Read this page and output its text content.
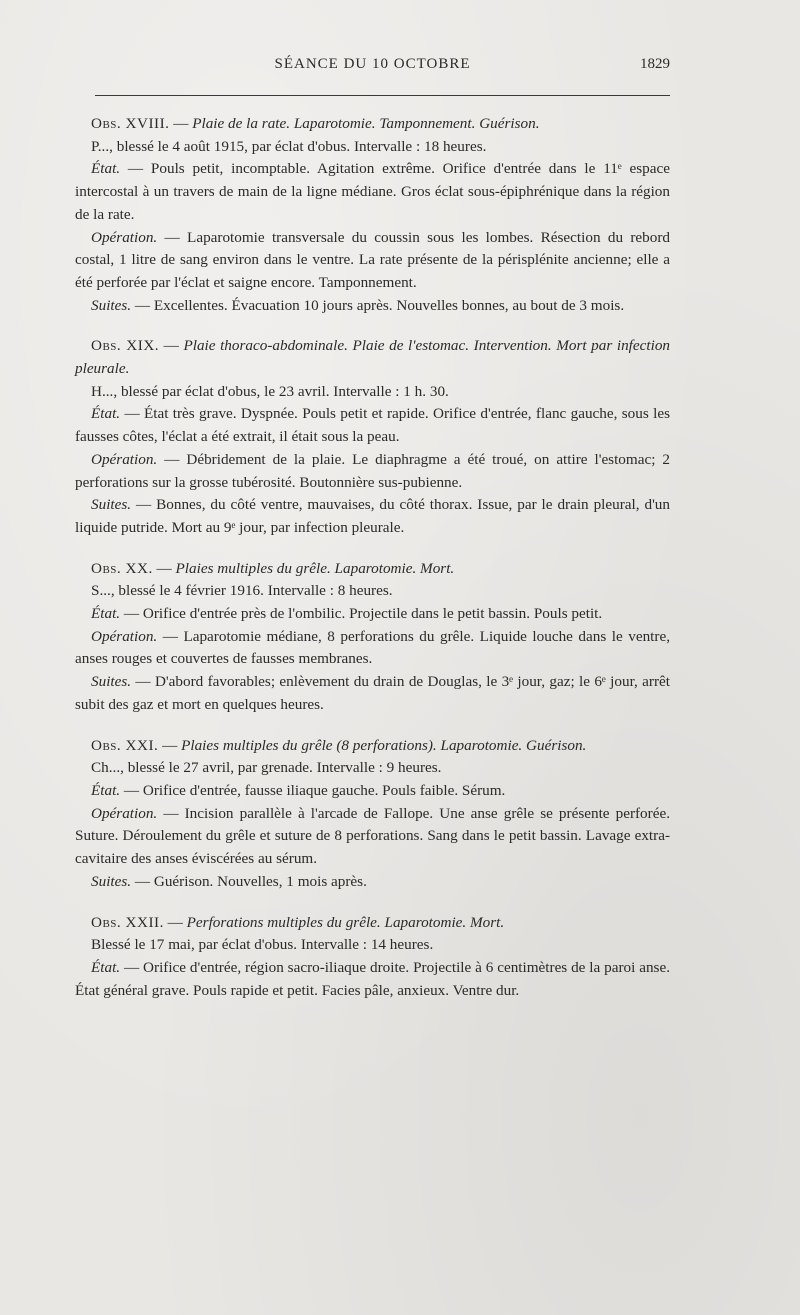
SÉANCE DU 10 OCTOBRE	1829

Obs. XVIII. — Plaie de la rate. Laparotomie. Tamponnement. Guérison.

P..., blessé le 4 août 1915, par éclat d'obus. Intervalle : 18 heures.

État. — Pouls petit, incomptable. Agitation extrême. Orifice d'entrée dans le 11ᵉ espace intercostal à un travers de main de la ligne médiane. Gros éclat sous-épiphrénique dans la région de la rate.

Opération. — Laparotomie transversale du coussin sous les lombes. Résection du rebord costal, 1 litre de sang environ dans le ventre. La rate présente de la périsplénite ancienne; elle a été perforée par l'éclat et saigne encore. Tamponnement.

Suites. — Excellentes. Évacuation 10 jours après. Nouvelles bonnes, au bout de 3 mois.

Obs. XIX. — Plaie thoraco-abdominale. Plaie de l'estomac. Intervention. Mort par infection pleurale.

H..., blessé par éclat d'obus, le 23 avril. Intervalle : 1 h. 30.

État. — État très grave. Dyspnée. Pouls petit et rapide. Orifice d'entrée, flanc gauche, sous les fausses côtes, l'éclat a été extrait, il était sous la peau.

Opération. — Débridement de la plaie. Le diaphragme a été troué, on attire l'estomac; 2 perforations sur la grosse tubérosité. Boutonnière sus-pubienne.

Suites. — Bonnes, du côté ventre, mauvaises, du côté thorax. Issue, par le drain pleural, d'un liquide putride. Mort au 9ᵉ jour, par infection pleurale.

Obs. XX. — Plaies multiples du grêle. Laparotomie. Mort.

S..., blessé le 4 février 1916. Intervalle : 8 heures.

État. — Orifice d'entrée près de l'ombilic. Projectile dans le petit bassin. Pouls petit.

Opération. — Laparotomie médiane, 8 perforations du grêle. Liquide louche dans le ventre, anses rouges et couvertes de fausses membranes.

Suites. — D'abord favorables; enlèvement du drain de Douglas, le 3ᵉ jour, gaz; le 6ᵉ jour, arrêt subit des gaz et mort en quelques heures.

Obs. XXI. — Plaies multiples du grêle (8 perforations). Laparotomie. Guérison.

Ch..., blessé le 27 avril, par grenade. Intervalle : 9 heures.

État. — Orifice d'entrée, fausse iliaque gauche. Pouls faible. Sérum.

Opération. — Incision parallèle à l'arcade de Fallope. Une anse grêle se présente perforée. Suture. Déroulement du grêle et suture de 8 perforations. Sang dans le petit bassin. Lavage extra-cavitaire des anses éviscérées au sérum.

Suites. — Guérison. Nouvelles, 1 mois après.

Obs. XXII. — Perforations multiples du grêle. Laparotomie. Mort.

Blessé le 17 mai, par éclat d'obus. Intervalle : 14 heures.

État. — Orifice d'entrée, région sacro-iliaque droite. Projectile à 6 centimètres de la paroi anse. État général grave. Pouls rapide et petit. Facies pâle, anxieux. Ventre dur.
